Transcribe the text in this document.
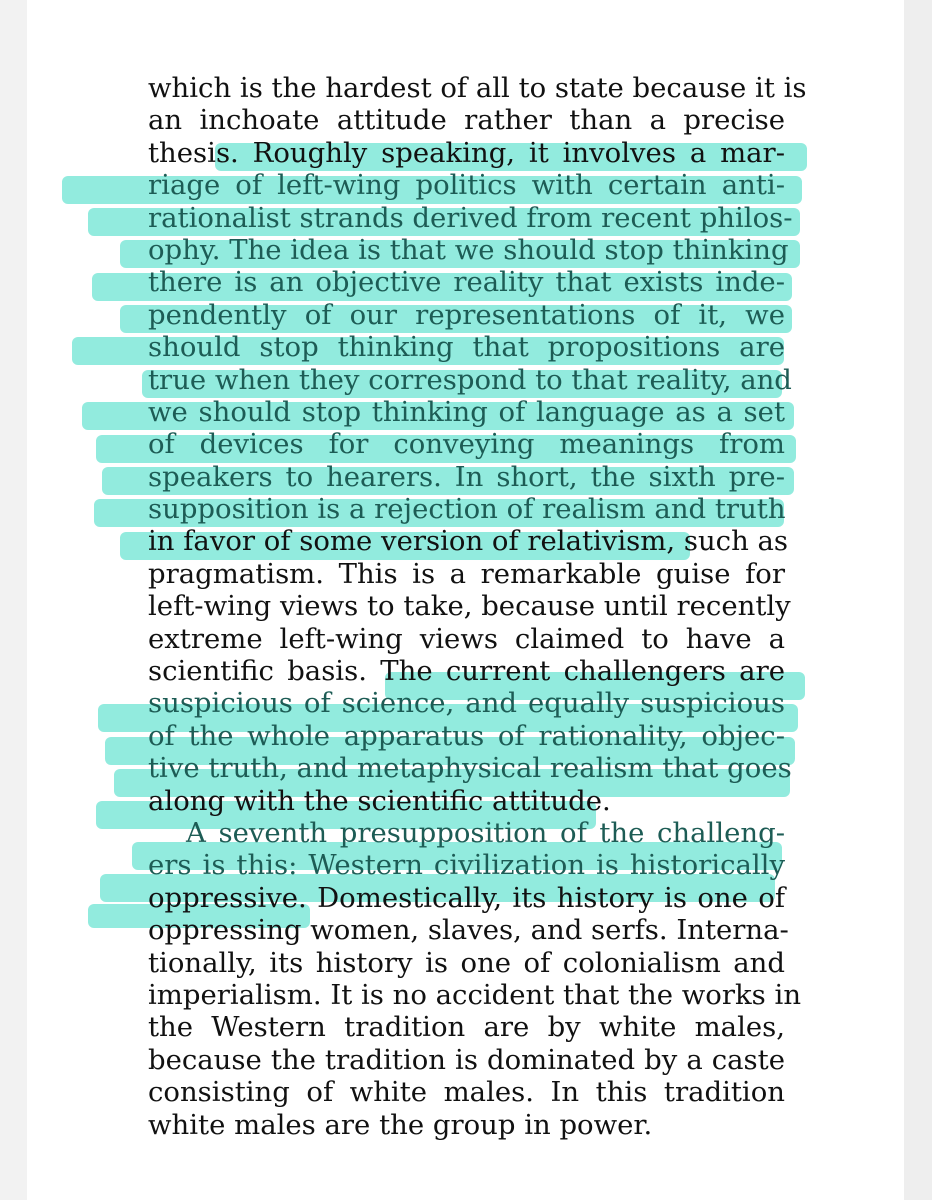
which is the hardest of all to state because it is
an inchoate attitude rather than a precise
thesis. Roughly speaking, it involves a mar-
riage of left-wing politics with certain anti-
rationalist strands derived from recent philos-
ophy. The idea is that we should stop thinking
there is an objective reality that exists inde-
pendently of our representations of it, we
should stop thinking that propositions are
true when they correspond to that reality, and
we should stop thinking of language as a set
of devices for conveying meanings from
speakers to hearers. In short, the sixth pre-
supposition is a rejection of realism and truth
in favor of some version of relativism, such as
pragmatism. This is a remarkable guise for
left-wing views to take, because until recently
extreme left-wing views claimed to have a
scientific basis. The current challengers are
suspicious of science, and equally suspicious
of the whole apparatus of rationality, objec-
tive truth, and metaphysical realism that goes
along with the scientific attitude.
A seventh presupposition of the challeng-
ers is this: Western civilization is historically
oppressive. Domestically, its history is one of
oppressing women, slaves, and serfs. Interna-
tionally, its history is one of colonialism and
imperialism. It is no accident that the works in
the Western tradition are by white males,
because the tradition is dominated by a caste
consisting of white males. In this tradition
white males are the group in power.
